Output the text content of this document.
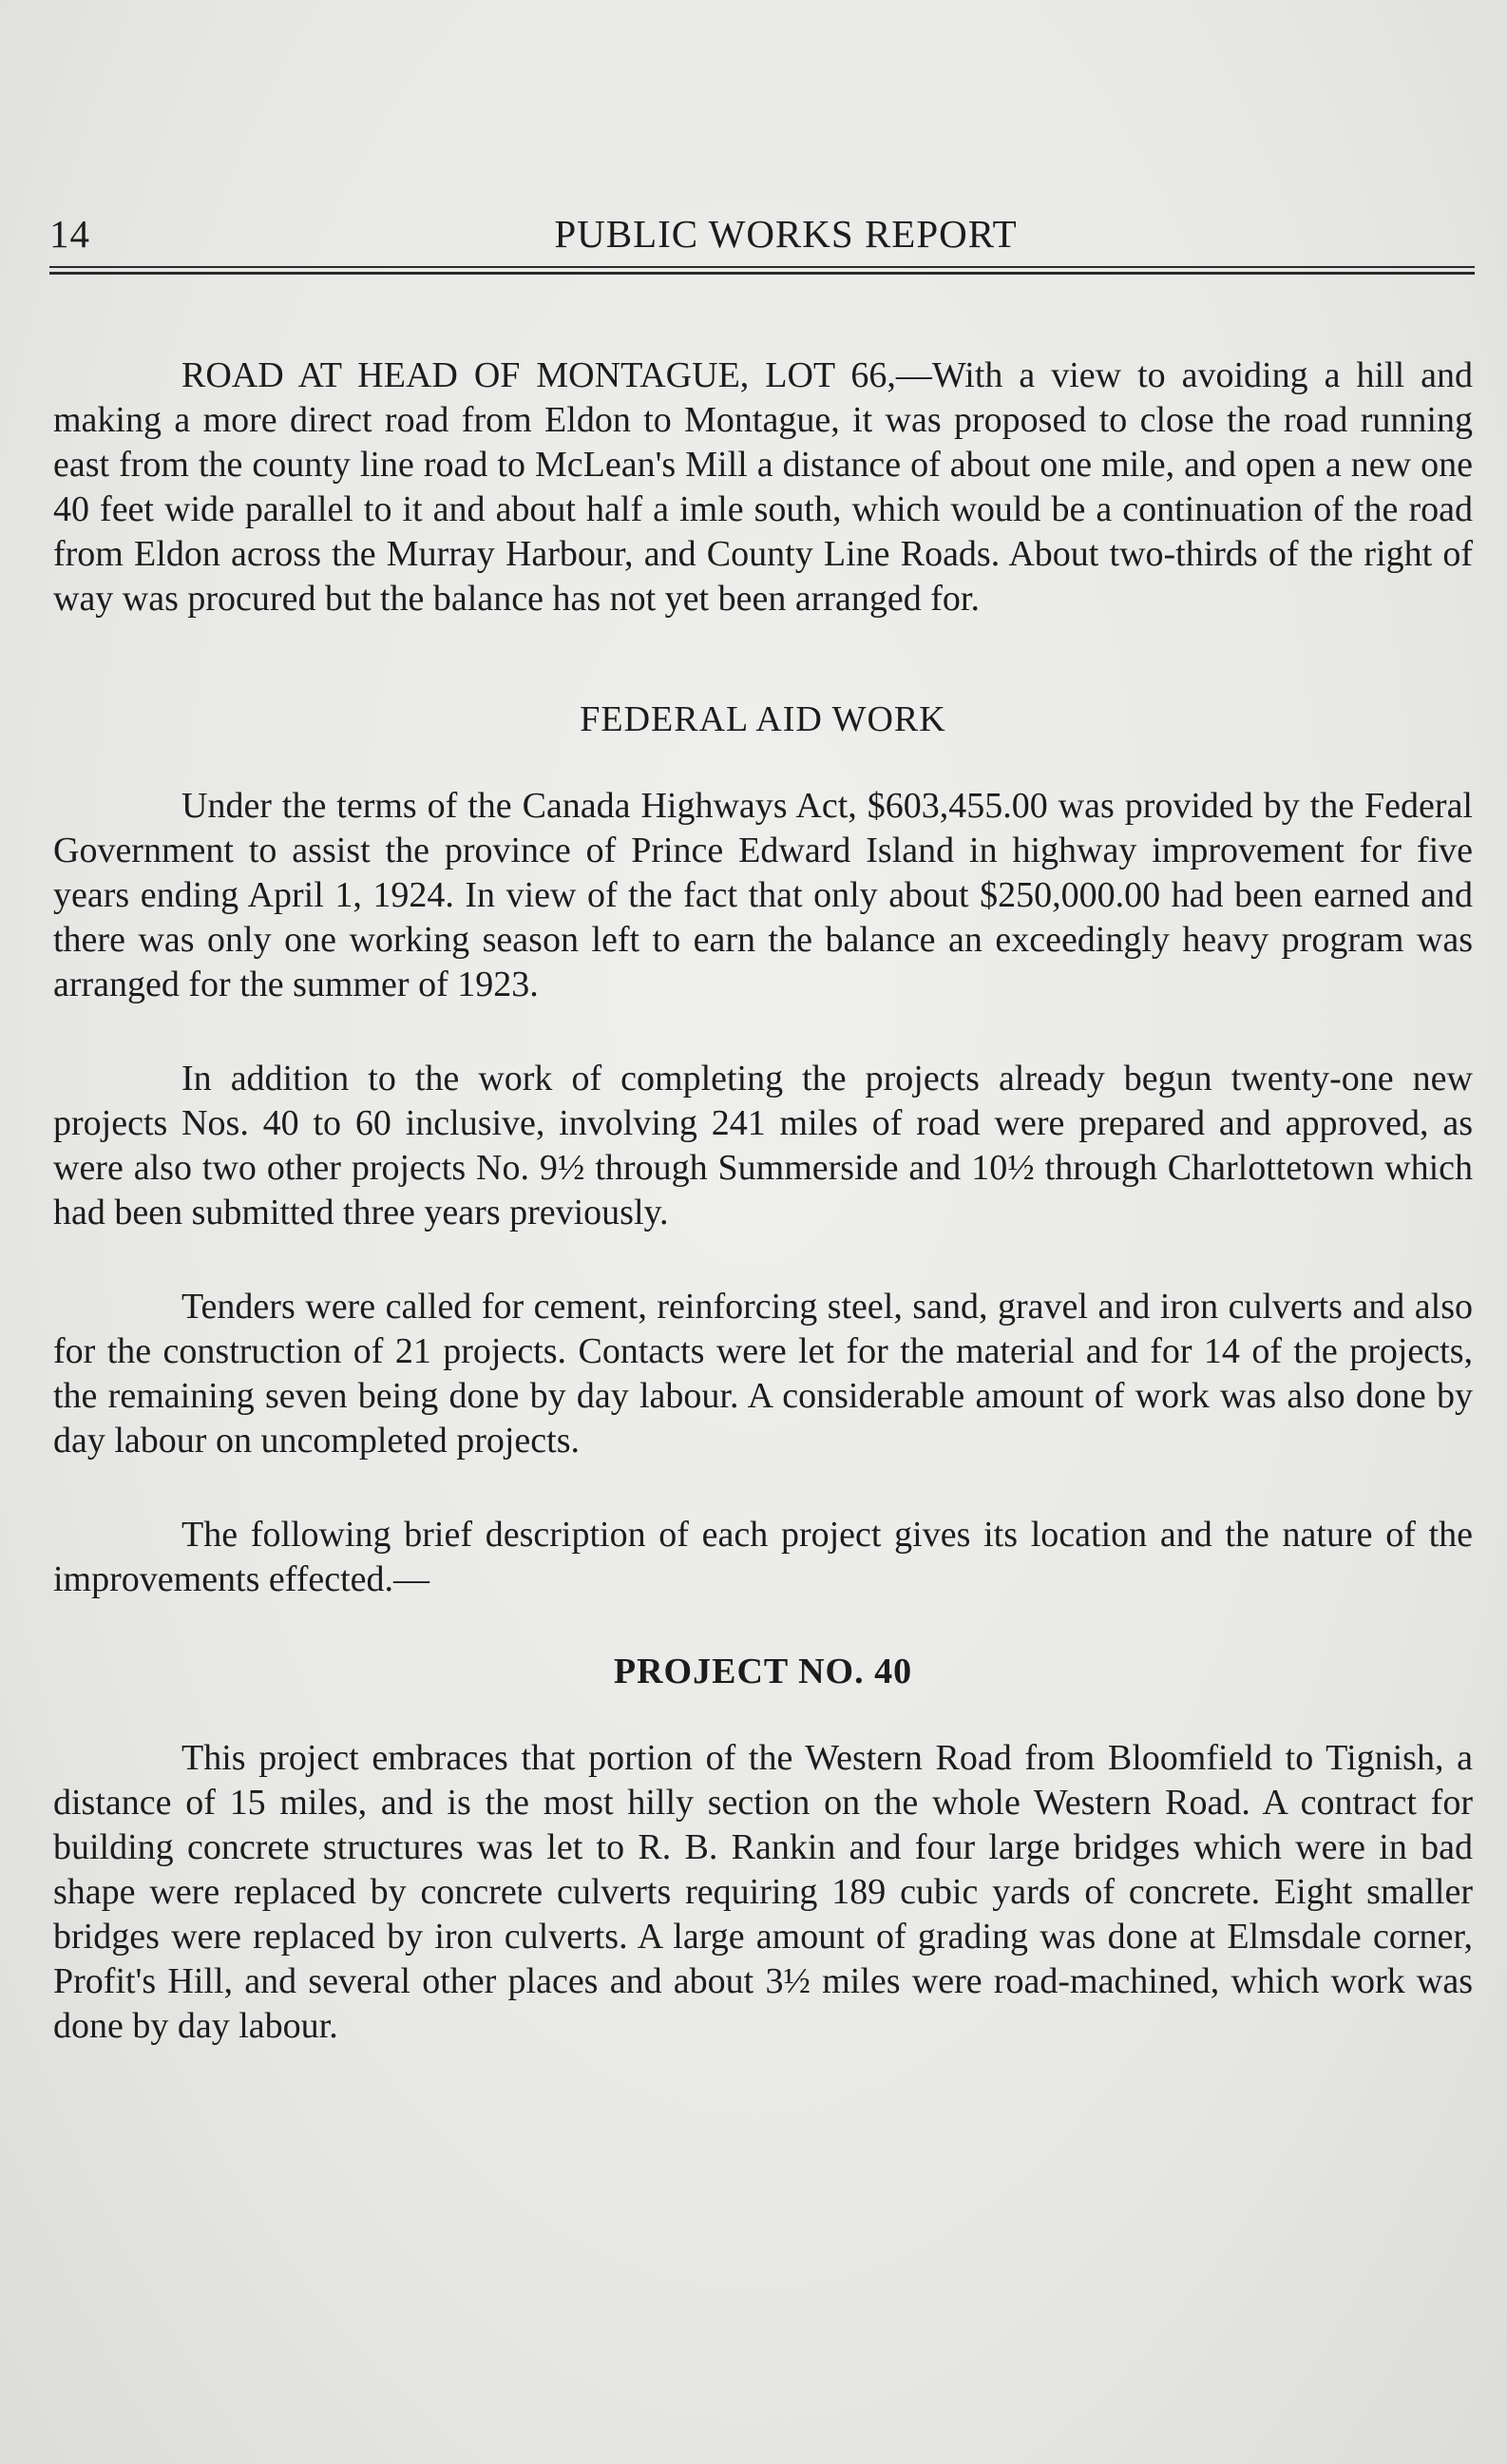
14	PUBLIC WORKS REPORT

ROAD AT HEAD OF MONTAGUE, LOT 66,—With a view to avoiding a hill and making a more direct road from Eldon to Montague, it was proposed to close the road running east from the county line road to McLean's Mill a distance of about one mile, and open a new one 40 feet wide parallel to it and about half a imle south, which would be a continuation of the road from Eldon across the Murray Harbour, and County Line Roads. About two-thirds of the right of way was procured but the balance has not yet been arranged for.

FEDERAL AID WORK

Under the terms of the Canada Highways Act, $603,455.00 was provided by the Federal Government to assist the province of Prince Edward Island in highway improvement for five years ending April 1, 1924. In view of the fact that only about $250,000.00 had been earned and there was only one working season left to earn the balance an exceedingly heavy program was arranged for the summer of 1923.

In addition to the work of completing the projects already begun twenty-one new projects Nos. 40 to 60 inclusive, involving 241 miles of road were prepared and approved, as were also two other projects No. 9½ through Summerside and 10½ through Charlottetown which had been submitted three years previously.

Tenders were called for cement, reinforcing steel, sand, gravel and iron culverts and also for the construction of 21 projects. Contacts were let for the material and for 14 of the projects, the remaining seven being done by day labour. A considerable amount of work was also done by day labour on uncompleted projects.

The following brief description of each project gives its location and the nature of the improvements effected.—

PROJECT NO. 40

This project embraces that portion of the Western Road from Bloomfield to Tignish, a distance of 15 miles, and is the most hilly section on the whole Western Road. A contract for building concrete structures was let to R. B. Rankin and four large bridges which were in bad shape were replaced by concrete culverts requiring 189 cubic yards of concrete. Eight smaller bridges were replaced by iron culverts. A large amount of grading was done at Elmsdale corner, Profit's Hill, and several other places and about 3½ miles were road-machined, which work was done by day labour.
